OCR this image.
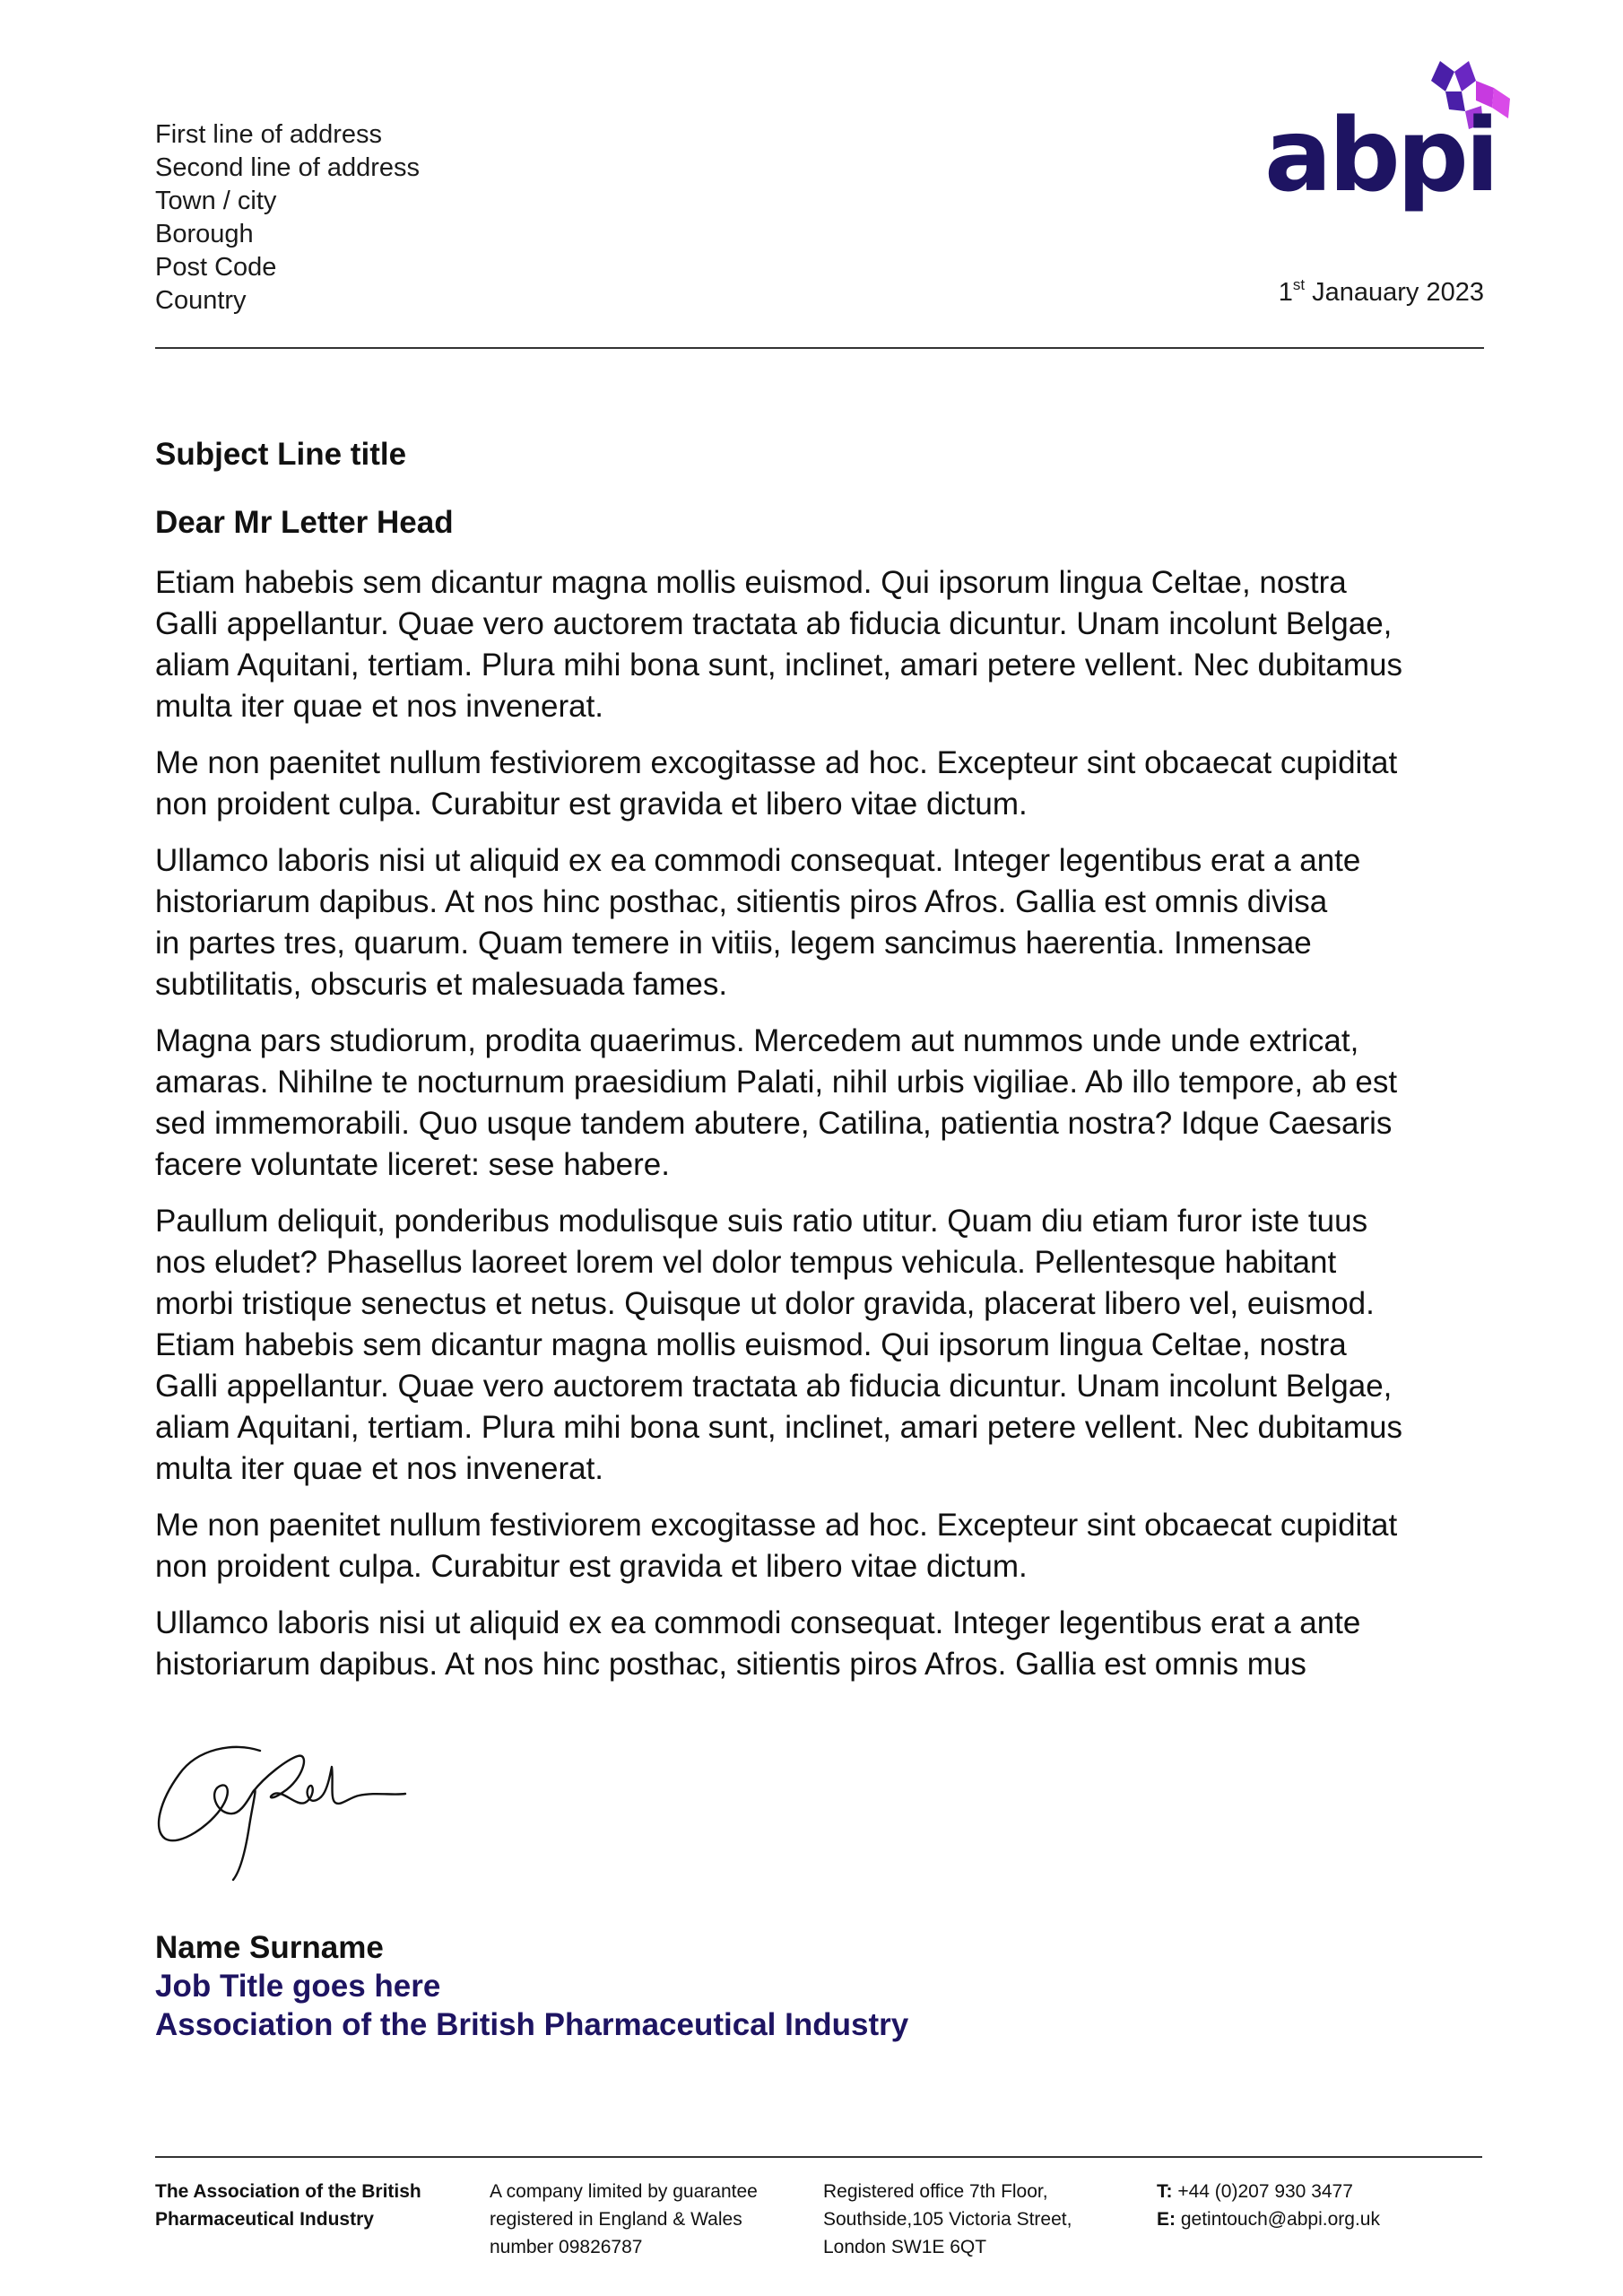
First line of address
Second line of address
Town / city
Borough
Post Code
Country
abpi
1st Janauary 2023
Subject Line title
Dear Mr Letter Head

Etiam habebis sem dicantur magna mollis euismod. Qui ipsorum lingua Celtae, nostra
Galli appellantur. Quae vero auctorem tractata ab fiducia dicuntur. Unam incolunt Belgae,
aliam Aquitani, tertiam. Plura mihi bona sunt, inclinet, amari petere vellent. Nec dubitamus
multa iter quae et nos invenerat.

Me non paenitet nullum festiviorem excogitasse ad hoc. Excepteur sint obcaecat cupiditat
non proident culpa. Curabitur est gravida et libero vitae dictum.

Ullamco laboris nisi ut aliquid ex ea commodi consequat. Integer legentibus erat a ante
historiarum dapibus. At nos hinc posthac, sitientis piros Afros. Gallia est omnis divisa
in partes tres, quarum. Quam temere in vitiis, legem sancimus haerentia. Inmensae
subtilitatis, obscuris et malesuada fames.

Magna pars studiorum, prodita quaerimus. Mercedem aut nummos unde unde extricat,
amaras. Nihilne te nocturnum praesidium Palati, nihil urbis vigiliae. Ab illo tempore, ab est
sed immemorabili. Quo usque tandem abutere, Catilina, patientia nostra? Idque Caesaris
facere voluntate liceret: sese habere.

Paullum deliquit, ponderibus modulisque suis ratio utitur. Quam diu etiam furor iste tuus
nos eludet? Phasellus laoreet lorem vel dolor tempus vehicula. Pellentesque habitant
morbi tristique senectus et netus. Quisque ut dolor gravida, placerat libero vel, euismod.
Etiam habebis sem dicantur magna mollis euismod. Qui ipsorum lingua Celtae, nostra
Galli appellantur. Quae vero auctorem tractata ab fiducia dicuntur. Unam incolunt Belgae,
aliam Aquitani, tertiam. Plura mihi bona sunt, inclinet, amari petere vellent. Nec dubitamus
multa iter quae et nos invenerat.

Me non paenitet nullum festiviorem excogitasse ad hoc. Excepteur sint obcaecat cupiditat
non proident culpa. Curabitur est gravida et libero vitae dictum.

Ullamco laboris nisi ut aliquid ex ea commodi consequat. Integer legentibus erat a ante
historiarum dapibus. At nos hinc posthac, sitientis piros Afros. Gallia est omnis mus

Name Surname
Job Title goes here
Association of the British Pharmaceutical Industry
The Association of the British
Pharmaceutical Industry
A company limited by guarantee
registered in England & Wales
number 09826787
Registered office 7th Floor,
Southside,105 Victoria Street,
London SW1E 6QT
T: +44 (0)207 930 3477
E: getintouch@abpi.org.uk
